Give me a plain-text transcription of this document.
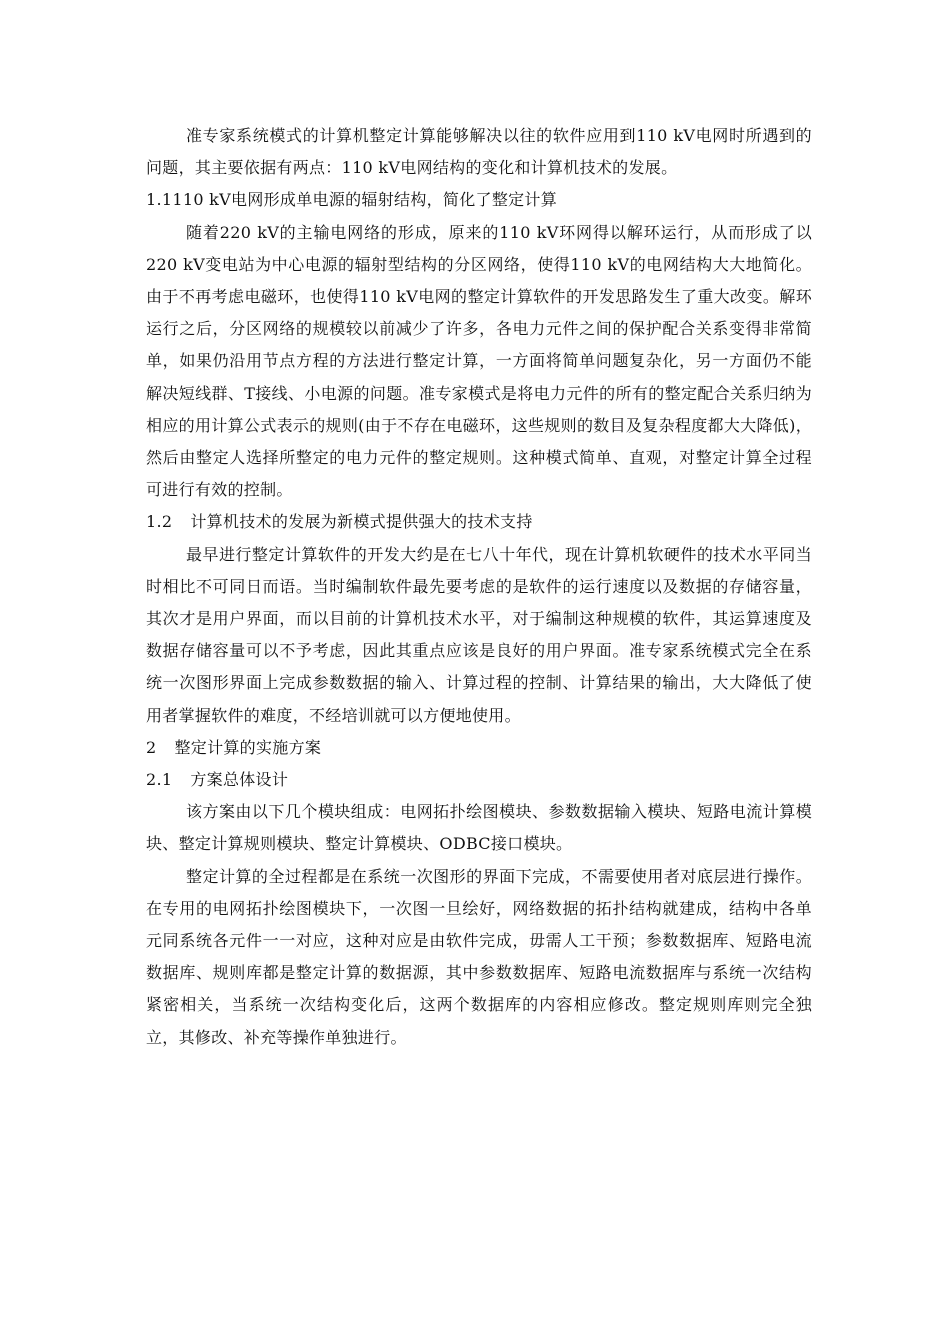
准专家系统模式的计算机整定计算能够解决以往的软件应用到110 kV电网时所遇到的问题，其主要依据有两点：110 kV电网结构的变化和计算机技术的发展。

1.1110 kV电网形成单电源的辐射结构，简化了整定计算

随着220 kV的主输电网络的形成，原来的110 kV环网得以解环运行，从而形成了以220 kV变电站为中心电源的辐射型结构的分区网络，使得110 kV的电网结构大大地简化。由于不再考虑电磁环，也使得110 kV电网的整定计算软件的开发思路发生了重大改变。解环运行之后，分区网络的规模较以前减少了许多，各电力元件之间的保护配合关系变得非常简单，如果仍沿用节点方程的方法进行整定计算，一方面将简单问题复杂化，另一方面仍不能解决短线群、T接线、小电源的问题。准专家模式是将电力元件的所有的整定配合关系归纳为相应的用计算公式表示的规则(由于不存在电磁环，这些规则的数目及复杂程度都大大降低)，然后由整定人选择所整定的电力元件的整定规则。这种模式简单、直观，对整定计算全过程可进行有效的控制。

1.2 计算机技术的发展为新模式提供强大的技术支持

最早进行整定计算软件的开发大约是在七八十年代，现在计算机软硬件的技术水平同当时相比不可同日而语。当时编制软件最先要考虑的是软件的运行速度以及数据的存储容量，其次才是用户界面，而以目前的计算机技术水平，对于编制这种规模的软件，其运算速度及数据存储容量可以不予考虑，因此其重点应该是良好的用户界面。准专家系统模式完全在系统一次图形界面上完成参数数据的输入、计算过程的控制、计算结果的输出，大大降低了使用者掌握软件的难度，不经培训就可以方便地使用。

2 整定计算的实施方案

2.1 方案总体设计

该方案由以下几个模块组成：电网拓扑绘图模块、参数数据输入模块、短路电流计算模块、整定计算规则模块、整定计算模块、ODBC接口模块。

整定计算的全过程都是在系统一次图形的界面下完成，不需要使用者对底层进行操作。在专用的电网拓扑绘图模块下，一次图一旦绘好，网络数据的拓扑结构就建成，结构中各单元同系统各元件一一对应，这种对应是由软件完成，毋需人工干预；参数数据库、短路电流数据库、规则库都是整定计算的数据源，其中参数数据库、短路电流数据库与系统一次结构紧密相关，当系统一次结构变化后，这两个数据库的内容相应修改。整定规则库则完全独立，其修改、补充等操作单独进行。
